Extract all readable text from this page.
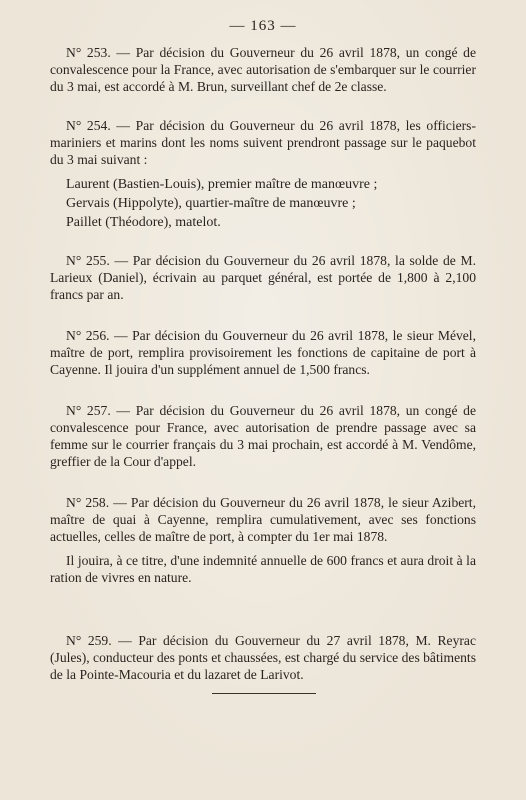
— 163 —

N° 253. — Par décision du Gouverneur du 26 avril 1878, un congé de convalescence pour la France, avec autorisation de s'embarquer sur le courrier du 3 mai, est accordé à M. Brun, surveillant chef de 2e classe.

N° 254. — Par décision du Gouverneur du 26 avril 1878, les officiers-mariniers et marins dont les noms suivent prendront passage sur le paquebot du 3 mai suivant :

Laurent (Bastien-Louis), premier maître de manœuvre ;

Gervais (Hippolyte), quartier-maître de manœuvre ;

Paillet (Théodore), matelot.

N° 255. — Par décision du Gouverneur du 26 avril 1878, la solde de M. Larieux (Daniel), écrivain au parquet général, est portée de 1,800 à 2,100 francs par an.

N° 256. — Par décision du Gouverneur du 26 avril 1878, le sieur Mével, maître de port, remplira provisoirement les fonctions de capitaine de port à Cayenne. Il jouira d'un supplément annuel de 1,500 francs.

N° 257. — Par décision du Gouverneur du 26 avril 1878, un congé de convalescence pour France, avec autorisation de prendre passage avec sa femme sur le courrier français du 3 mai prochain, est accordé à M. Vendôme, greffier de la Cour d'appel.

N° 258. — Par décision du Gouverneur du 26 avril 1878, le sieur Azibert, maître de quai à Cayenne, remplira cumulativement, avec ses fonctions actuelles, celles de maître de port, à compter du 1er mai 1878.

Il jouira, à ce titre, d'une indemnité annuelle de 600 francs et aura droit à la ration de vivres en nature.

N° 259. — Par décision du Gouverneur du 27 avril 1878, M. Reyrac (Jules), conducteur des ponts et chaussées, est chargé du service des bâtiments de la Pointe-Macouria et du lazaret de Larivot.
